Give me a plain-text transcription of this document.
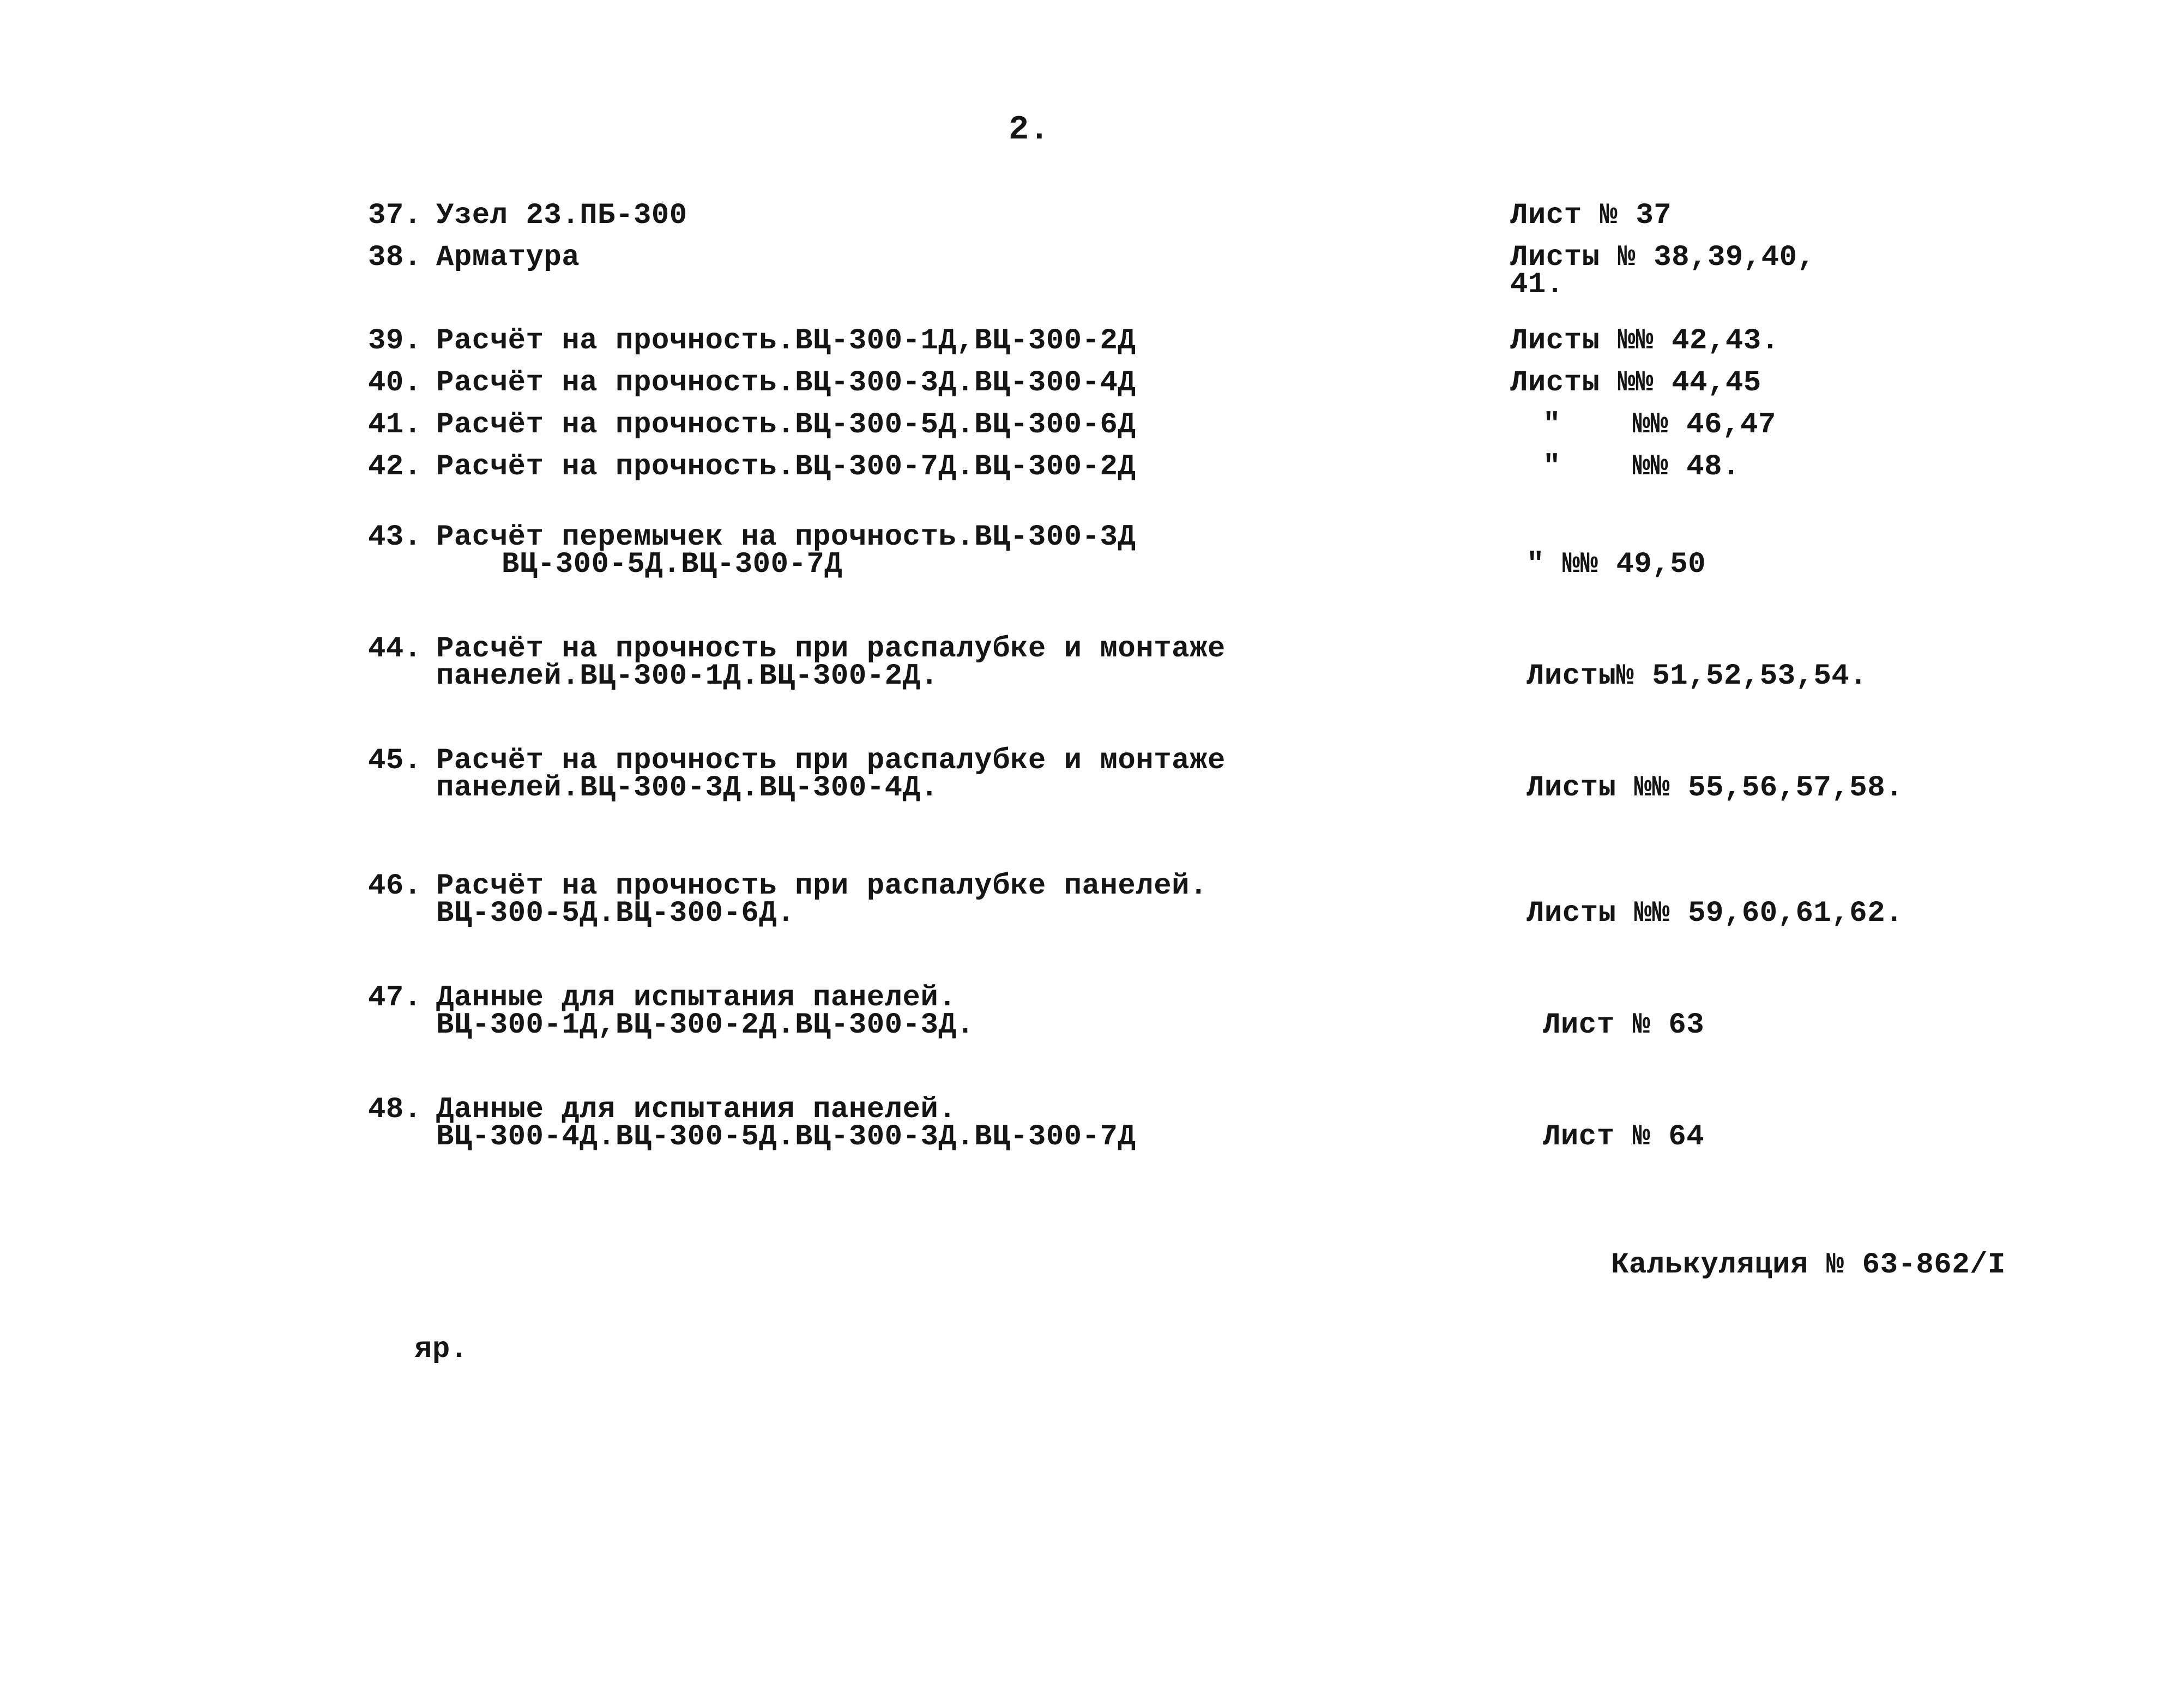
2.
37. Узел 23.ПБ-300	Лист № 37
38. Арматура	Листы № 38,39,40,
41.
39. Расчёт на прочность.ВЦ-300-1Д,ВЦ-300-2Д	Листы №№ 42,43.
40. Расчёт на прочность.ВЦ-300-3Д.ВЦ-300-4Д	Листы №№ 44,45
41. Расчёт на прочность.ВЦ-300-5Д.ВЦ-300-6Д	"    №№ 46,47
42. Расчёт на прочность.ВЦ-300-7Д.ВЦ-300-2Д	"    №№ 48.
43. Расчёт перемычек на прочность.ВЦ-300-3Д
ВЦ-300-5Д.ВЦ-300-7Д	" №№ 49,50
44. Расчёт на прочность при распалубке и монтаже
панелей.ВЦ-300-1Д.ВЦ-300-2Д.	Листы№ 51,52,53,54.
45. Расчёт на прочность при распалубке и монтаже
панелей.ВЦ-300-3Д.ВЦ-300-4Д.	Листы №№ 55,56,57,58.
46. Расчёт на прочность при распалубке панелей.
ВЦ-300-5Д.ВЦ-300-6Д.	Листы №№ 59,60,61,62.
47. Данные для испытания панелей.
ВЦ-300-1Д,ВЦ-300-2Д.ВЦ-300-3Д.	Лист № 63
48. Данные для испытания панелей.
ВЦ-300-4Д.ВЦ-300-5Д.ВЦ-300-3Д.ВЦ-300-7Д	Лист № 64
Калькуляция № 63-862/I
яр.
